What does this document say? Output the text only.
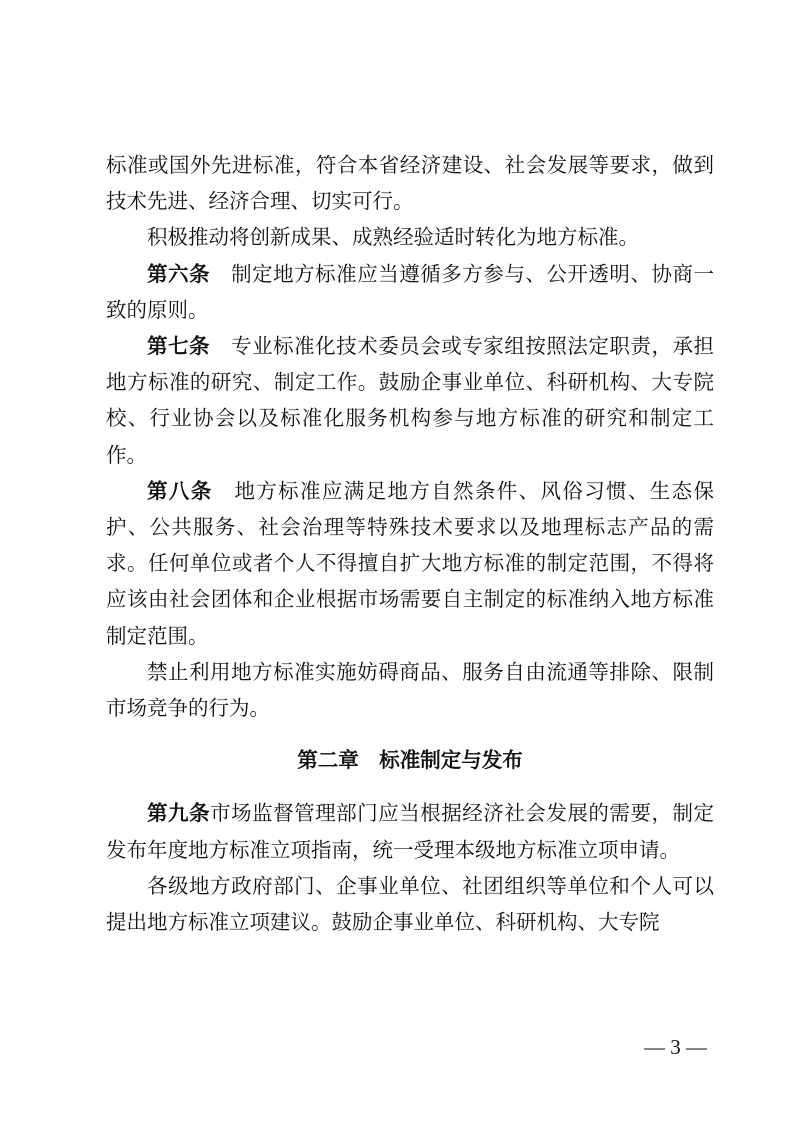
标准或国外先进标准，符合本省经济建设、社会发展等要求，做到技术先进、经济合理、切实可行。

积极推动将创新成果、成熟经验适时转化为地方标准。

第六条 制定地方标准应当遵循多方参与、公开透明、协商一致的原则。

第七条 专业标准化技术委员会或专家组按照法定职责，承担地方标准的研究、制定工作。鼓励企事业单位、科研机构、大专院校、行业协会以及标准化服务机构参与地方标准的研究和制定工作。

第八条 地方标准应满足地方自然条件、风俗习惯、生态保护、公共服务、社会治理等特殊技术要求以及地理标志产品的需求。任何单位或者个人不得擅自扩大地方标准的制定范围，不得将应该由社会团体和企业根据市场需要自主制定的标准纳入地方标准制定范围。

禁止利用地方标准实施妨碍商品、服务自由流通等排除、限制市场竞争的行为。

第二章 标准制定与发布

第九条市场监督管理部门应当根据经济社会发展的需要，制定发布年度地方标准立项指南，统一受理本级地方标准立项申请。

各级地方政府部门、企事业单位、社团组织等单位和个人可以提出地方标准立项建议。鼓励企事业单位、科研机构、大专院

— 3 —
